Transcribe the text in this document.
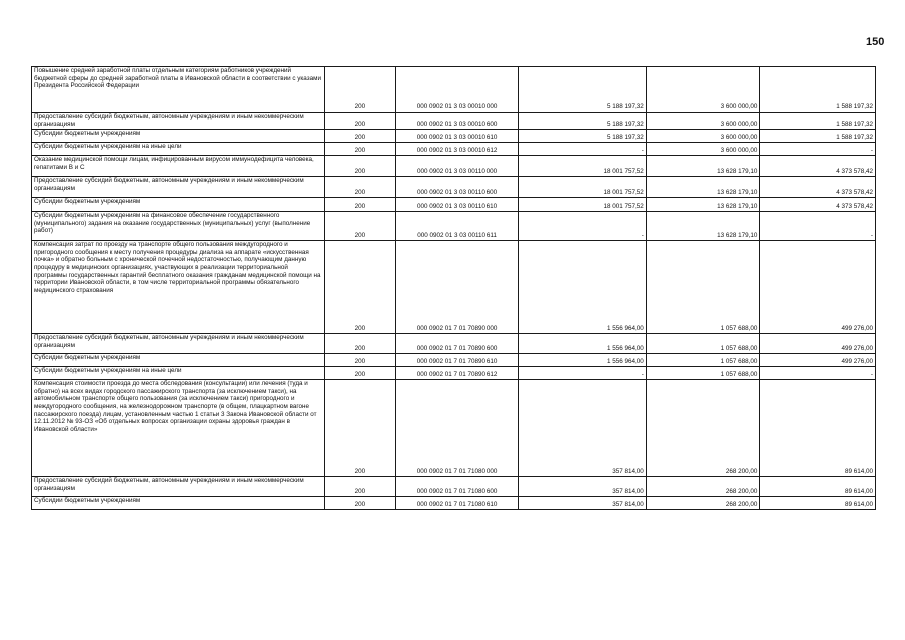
150
Повышение средней заработной платы отдельным категориям работников учреждений бюджетной сферы до средней заработной платы в Ивановской области в соответствии с указами Президента Российской Федерации	200	000 0902 01 3 03 00010 000	5 188 197,32	3 600 000,00	1 588 197,32
Предоставление субсидий бюджетным, автономным учреждениям и иным некоммерческим организациям	200	000 0902 01 3 03 00010 600	5 188 197,32	3 600 000,00	1 588 197,32
Субсидии бюджетным учреждениям	200	000 0902 01 3 03 00010 610	5 188 197,32	3 600 000,00	1 588 197,32
Субсидии бюджетным учреждениям на иные цели	200	000 0902 01 3 03 00010 612	-	3 600 000,00	-
Оказание медицинской помощи лицам, инфицированным вирусом иммунодефицита человека, гепатитами B и C	200	000 0902 01 3 03 00110 000	18 001 757,52	13 628 179,10	4 373 578,42
Предоставление субсидий бюджетным, автономным учреждениям и иным некоммерческим организациям	200	000 0902 01 3 03 00110 600	18 001 757,52	13 628 179,10	4 373 578,42
Субсидии бюджетным учреждениям	200	000 0902 01 3 03 00110 610	18 001 757,52	13 628 179,10	4 373 578,42
Субсидии бюджетным учреждениям на финансовое обеспечение государственного (муниципального) задания на оказание государственных (муниципальных) услуг (выполнение работ)	200	000 0902 01 3 03 00110 611	-	13 628 179,10	-
Компенсация затрат по проезду на транспорте общего пользования междугородного и пригородного сообщения к месту получения процедуры диализа на аппарате «искусственная почка» и обратно больным с хронической почечной недостаточностью, получающим данную процедуру в медицинских организациях, участвующих в реализации территориальной программы государственных гарантий бесплатного оказания гражданам медицинской помощи на территории Ивановской области, в том числе территориальной программы обязательного медицинского страхования	200	000 0902 01 7 01 70890 000	1 556 964,00	1 057 688,00	499 276,00
Предоставление субсидий бюджетным, автономным учреждениям и иным некоммерческим организациям	200	000 0902 01 7 01 70890 600	1 556 964,00	1 057 688,00	499 276,00
Субсидии бюджетным учреждениям	200	000 0902 01 7 01 70890 610	1 556 964,00	1 057 688,00	499 276,00
Субсидии бюджетным учреждениям на иные цели	200	000 0902 01 7 01 70890 612	-	1 057 688,00	-
Компенсация стоимости проезда до места обследования (консультации) или лечения (туда и обратно) на всех видах городского пассажирского транспорта (за исключением такси), на автомобильном транспорте общего пользования (за исключением такси) пригородного и междугородного сообщения, на железнодорожном транспорте (в общем, плацкартном вагоне пассажирского поезда) лицам, установленным частью 1 статьи 3 Закона Ивановской области от 12.11.2012 № 93-ОЗ «Об отдельных вопросах организации охраны здоровья граждан в Ивановской области»	200	000 0902 01 7 01 71080 000	357 814,00	268 200,00	89 614,00
Предоставление субсидий бюджетным, автономным учреждениям и иным некоммерческим организациям	200	000 0902 01 7 01 71080 600	357 814,00	268 200,00	89 614,00
Субсидии бюджетным учреждениям	200	000 0902 01 7 01 71080 610	357 814,00	268 200,00	89 614,00
